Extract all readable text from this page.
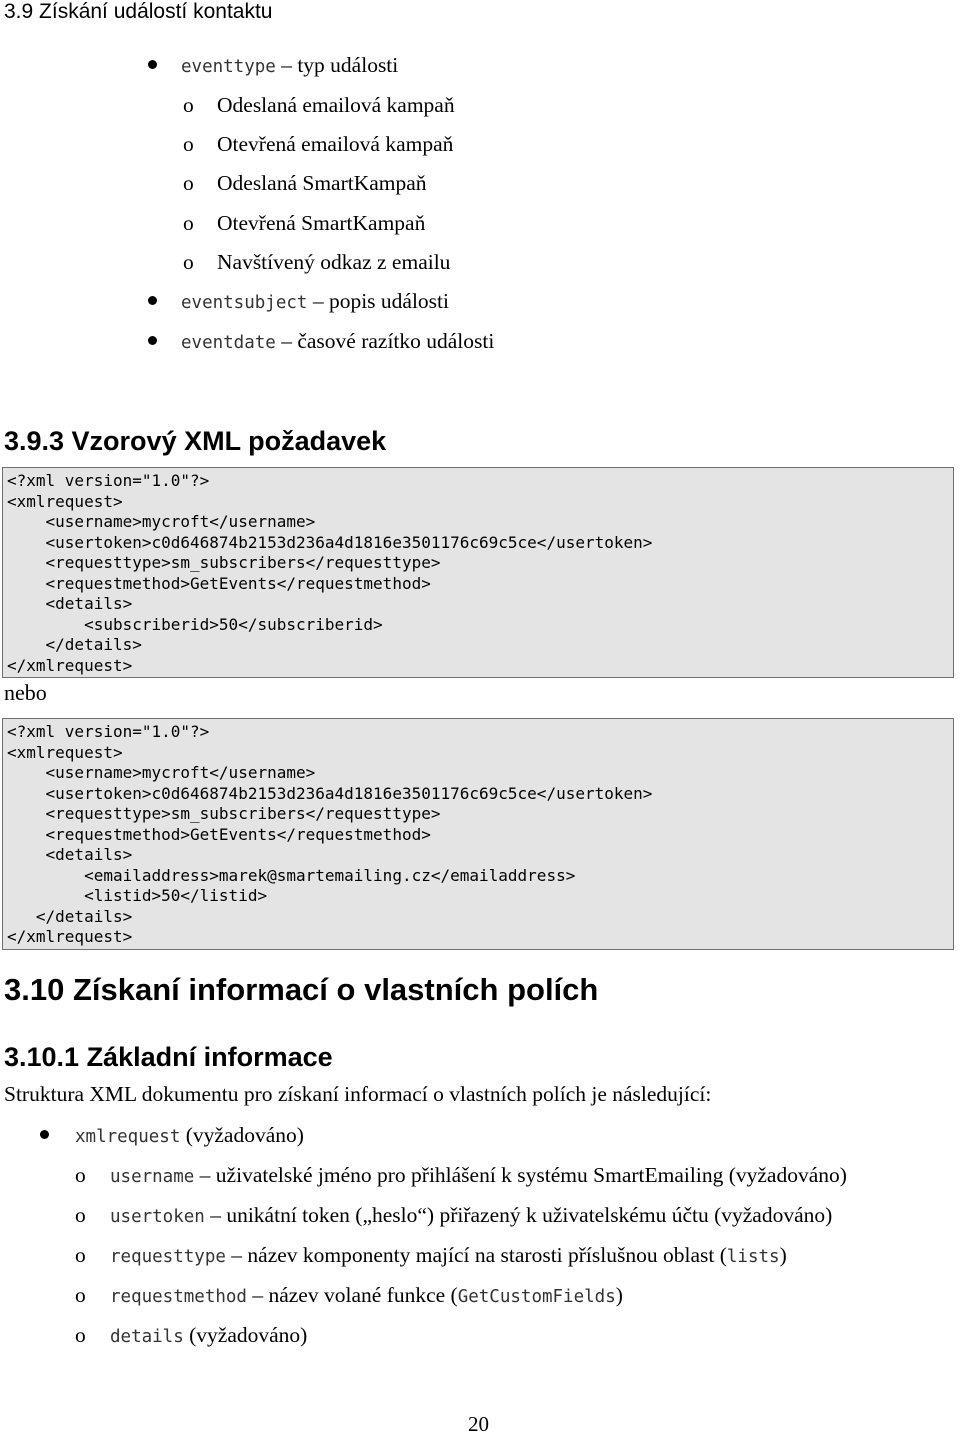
3.9 Získání událostí kontaktu
eventtype – typ události
o Odeslaná emailová kampaň
o Otevřená emailová kampaň
o Odeslaná SmartKampaň
o Otevřená SmartKampaň
o Navštívený odkaz z emailu
eventsubject – popis události
eventdate – časové razítko události
3.9.3 Vzorový XML požadavek
<?xml version="1.0"?>
<xmlrequest>
<username>mycroft</username>
<usertoken>c0d646874b2153d236a4d1816e3501176c69c5ce</usertoken>
<requesttype>sm_subscribers</requesttype>
<requestmethod>GetEvents</requestmethod>
<details>
<subscriberid>50</subscriberid>
</details>
</xmlrequest>
nebo
<?xml version="1.0"?>
<xmlrequest>
<username>mycroft</username>
<usertoken>c0d646874b2153d236a4d1816e3501176c69c5ce</usertoken>
<requesttype>sm_subscribers</requesttype>
<requestmethod>GetEvents</requestmethod>
<details>
<emailaddress>marek@smartemailing.cz</emailaddress>
<listid>50</listid>
</details>
</xmlrequest>
3.10 Získaní informací o vlastních polích
3.10.1 Základní informace
Struktura XML dokumentu pro získaní informací o vlastních polích je následující:
xmlrequest (vyžadováno)
o username – uživatelské jméno pro přihlášení k systému SmartEmailing (vyžadováno)
o usertoken – unikátní token („heslo“) přiřazený k uživatelskému účtu (vyžadováno)
o requesttype – název komponenty mající na starosti příslušnou oblast (lists)
o requestmethod – název volané funkce (GetCustomFields)
o details (vyžadováno)
20
